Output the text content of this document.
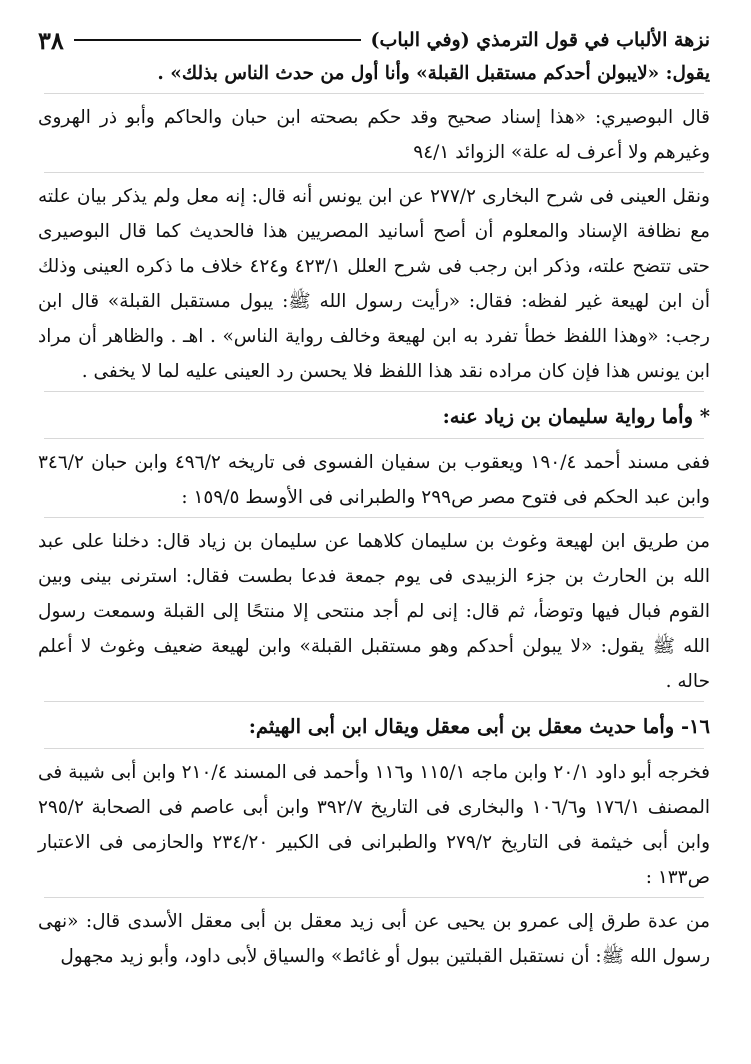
نزهة الألباب في قول الترمذي (وفي الباب)
٣٨

يقول: «لايبولن أحدكم مستقبل القبلة» وأنا أول من حدث الناس بذلك» .

قال البوصيري: «هذا إسناد صحيح وقد حكم بصحته ابن حبان والحاكم وأبو ذر الهروى وغيرهم ولا أعرف له علة» الزوائد ٩٤/١

ونقل العينى فى شرح البخارى ٢٧٧/٢ عن ابن يونس أنه قال: إنه معل ولم يذكر بيان علته مع نظافة الإسناد والمعلوم أن أصح أسانيد المصريين هذا فالحديث كما قال البوصيرى حتى تتضح علته، وذكر ابن رجب فى شرح العلل ٤٢٣/١ و٤٢٤ خلاف ما ذكره العينى وذلك أن ابن لهيعة غير لفظه: فقال: «رأيت رسول الله ﷺ: يبول مستقبل القبلة» قال ابن رجب: «وهذا اللفظ خطأ تفرد به ابن لهيعة وخالف رواية الناس» . اهـ . والظاهر أن مراد ابن يونس هذا فإن كان مراده نقد هذا اللفظ فلا يحسن رد العينى عليه لما لا يخفى .

* وأما رواية سليمان بن زياد عنه:

ففى مسند أحمد ١٩٠/٤ ويعقوب بن سفيان الفسوى فى تاريخه ٤٩٦/٢ وابن حبان ٣٤٦/٢ وابن عبد الحكم فى فتوح مصر ص٢٩٩ والطبرانى فى الأوسط ١٥٩/٥ :

من طريق ابن لهيعة وغوث بن سليمان كلاهما عن سليمان بن زياد قال: دخلنا على عبد الله بن الحارث بن جزء الزبيدى فى يوم جمعة فدعا بطست فقال: استرنى بينى وبين القوم فبال فيها وتوضأ، ثم قال: إنى لم أجد منتحى إلا منتحًا إلى القبلة وسمعت رسول الله ﷺ يقول: «لا يبولن أحدكم وهو مستقبل القبلة» وابن لهيعة ضعيف وغوث لا أعلم حاله .

١٦- وأما حديث معقل بن أبى معقل ويقال ابن أبى الهيثم:

فخرجه أبو داود ٢٠/١ وابن ماجه ١١٥/١ و١١٦ وأحمد فى المسند ٢١٠/٤ وابن أبى شيبة فى المصنف ١٧٦/١ و١٠٦/٦ والبخارى فى التاريخ ٣٩٢/٧ وابن أبى عاصم فى الصحابة ٢٩٥/٢ وابن أبى خيثمة فى التاريخ ٢٧٩/٢ والطبرانى فى الكبير ٢٣٤/٢٠ والحازمى فى الاعتبار ص١٣٣ :

من عدة طرق إلى عمرو بن يحيى عن أبى زيد معقل بن أبى معقل الأسدى قال: «نهى رسول الله ﷺ: أن نستقبل القبلتين ببول أو غائط» والسياق لأبى داود، وأبو زيد مجهول
